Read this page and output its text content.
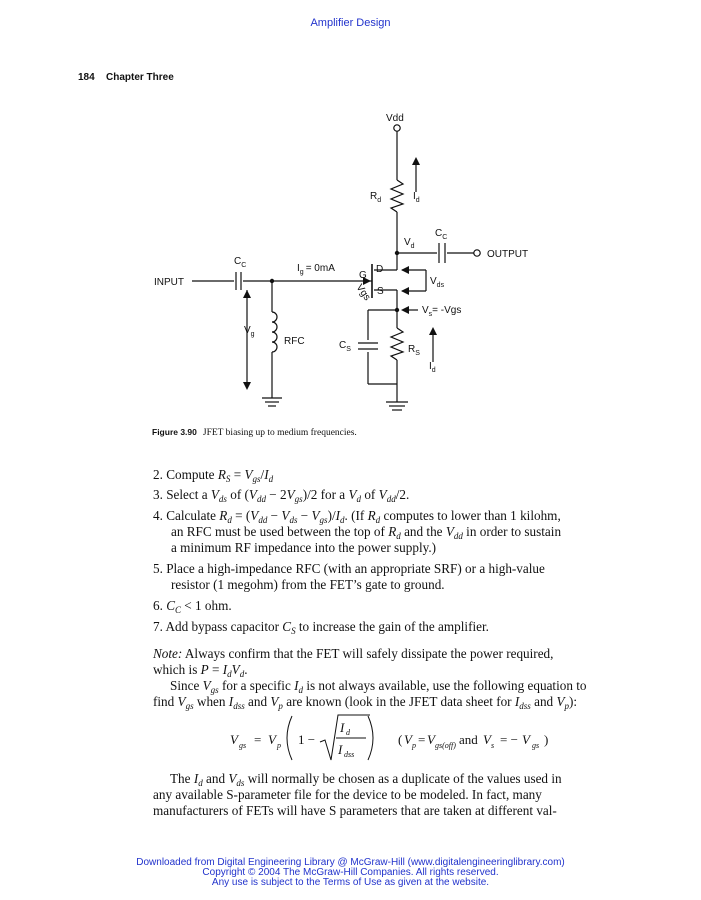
Amplifier Design
184 Chapter Three
Vdd
$R_d$	$I_d$
$V_d$
$C_C$
OUTPUT
INPUT
$C_C$	$I_g = 0mA$	D
G
S
$V_{ds}$
Vgs
$V_s= -Vgs$
$V_g$
RFC	$C_S$	$R_S$
$I_d$
Figure 3.90 JFET biasing up to medium frequencies.
2. Compute $R_S = V_{gs}/I_d$
3. Select a $V_{ds}$ of $(V_{dd} - 2V_{gs})/2$ for a $V_d$ of $V_{dd}/2$.
4. Calculate $R_d = (V_{dd} - V_{ds} - V_{gs})/I_d$. (If $R_d$ computes to lower than 1 kilohm,
an RFC must be used between the top of $R_d$ and the $V_{dd}$ in order to sustain
a minimum RF impedance into the power supply.)
5. Place a high-impedance RFC (with an appropriate SRF) or a high-value
resistor (1 megohm) from the FET’s gate to ground.
6. $C_C < 1$ ohm.
7. Add bypass capacitor $C_S$ to increase the gain of the amplifier.
Note: Always confirm that the FET will safely dissipate the power required,
which is $P = I_dV_d$.
Since $V_{gs}$ for a specific $I_d$ is not always available, use the following equation to
find $V_{gs}$ when $I_{dss}$ and $V_p$ are known (look in the JFET data sheet for $I_{dss}$ and $V_p$):
V gs = V p 1 −
I d
I dss
( V p = V gs(off) and V s = − V gs )
The $I_d$ and $V_{ds}$ will normally be chosen as a duplicate of the values used in
any available S-parameter file for the device to be modeled. In fact, many
manufacturers of FETs will have S parameters that are taken at different val-
Downloaded from Digital Engineering Library @ McGraw-Hill (www.digitalengineeringlibrary.com)
Copyright © 2004 The McGraw-Hill Companies. All rights reserved.
Any use is subject to the Terms of Use as given at the website.
